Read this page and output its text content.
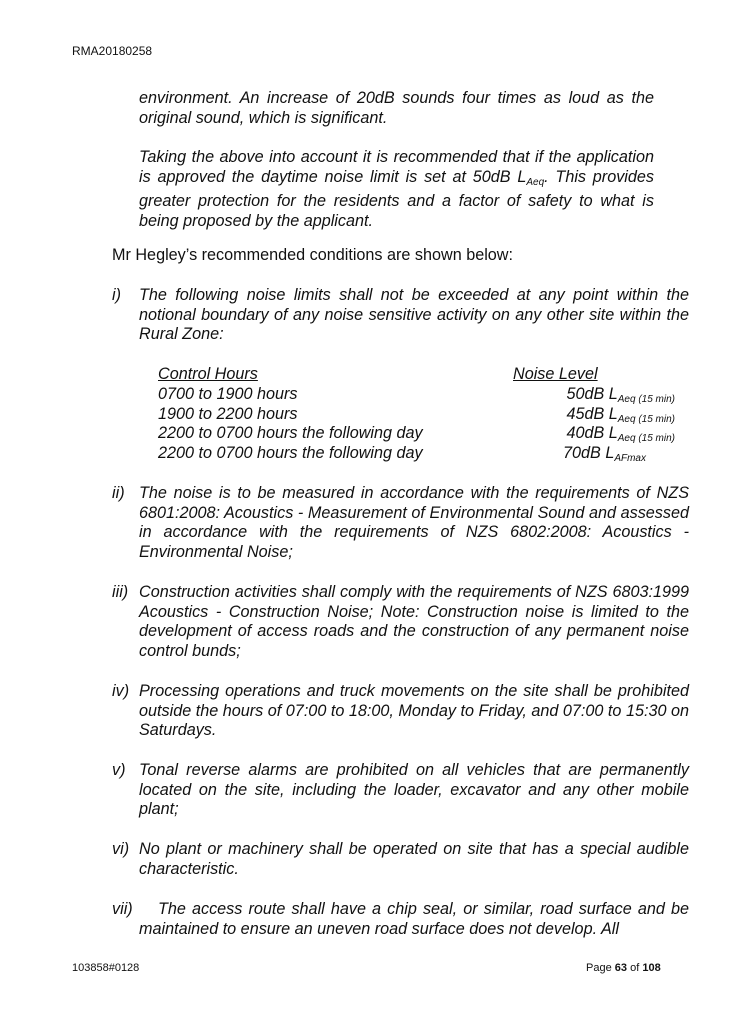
RMA20180258
environment. An increase of 20dB sounds four times as loud as the original sound, which is significant.
Taking the above into account it is recommended that if the application is approved the daytime noise limit is set at 50dB $L_{Aeq}$. This provides greater protection for the residents and a factor of safety to what is being proposed by the applicant.
Mr Hegley’s recommended conditions are shown below:
i) The following noise limits shall not be exceeded at any point within the notional boundary of any noise sensitive activity on any other site within the Rural Zone:
Control Hours	Noise Level
0700 to 1900 hours	50dB $L_{Aeq (15 min)}$
1900 to 2200 hours	45dB $L_{Aeq (15 min)}$
2200 to 0700 hours the following day	40dB $L_{Aeq (15 min)}$
2200 to 0700 hours the following day	70dB $L_{AFmax}$
ii) The noise is to be measured in accordance with the requirements of NZS 6801:2008: Acoustics - Measurement of Environmental Sound and assessed in accordance with the requirements of NZS 6802:2008: Acoustics - Environmental Noise;
iii) Construction activities shall comply with the requirements of NZS 6803:1999 Acoustics - Construction Noise; Note: Construction noise is limited to the development of access roads and the construction of any permanent noise control bunds;
iv) Processing operations and truck movements on the site shall be prohibited outside the hours of 07:00 to 18:00, Monday to Friday, and 07:00 to 15:30 on Saturdays.
v) Tonal reverse alarms are prohibited on all vehicles that are permanently located on the site, including the loader, excavator and any other mobile plant;
vi) No plant or machinery shall be operated on site that has a special audible characteristic.
vii)	The access route shall have a chip seal, or similar, road surface and be maintained to ensure an uneven road surface does not develop. All
103858#0128	Page 63 of 108
